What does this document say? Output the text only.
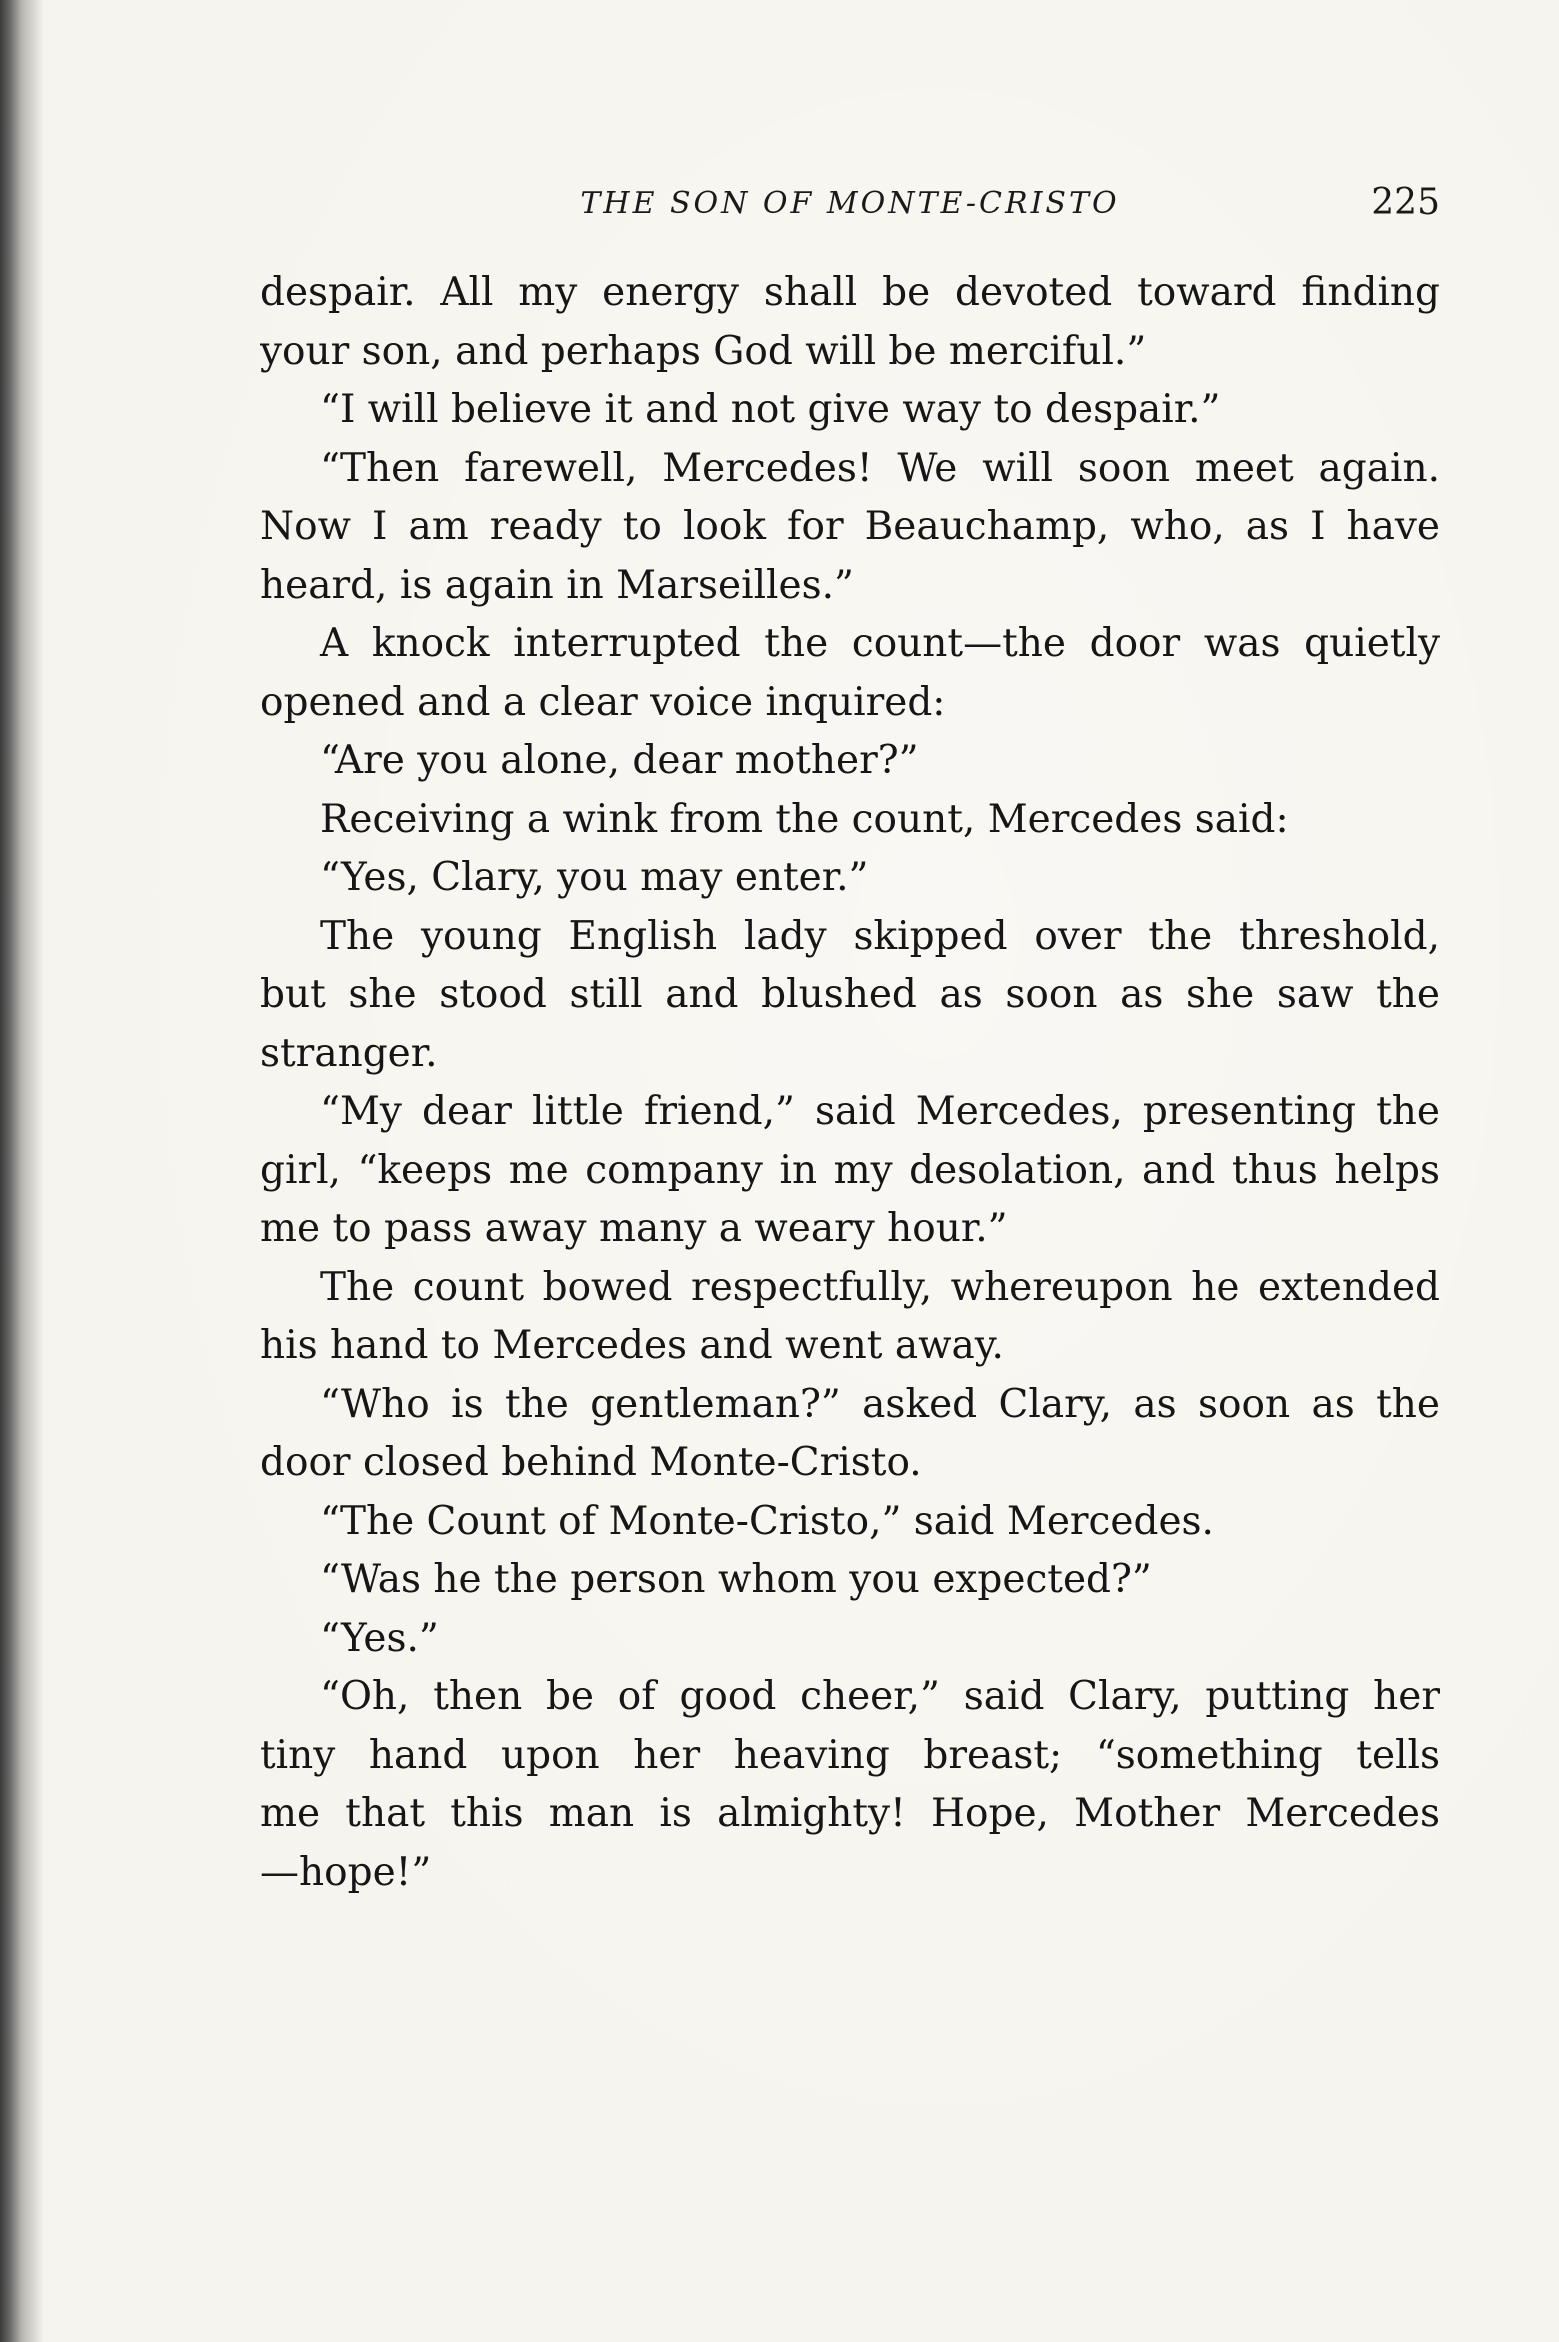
THE SON OF MONTE-CRISTO	225
despair. All my energy shall be devoted toward finding
your son, and perhaps God will be merciful.”
“I will believe it and not give way to despair.”
“Then farewell, Mercedes! We will soon meet again.
Now I am ready to look for Beauchamp, who, as I have
heard, is again in Marseilles.”
A knock interrupted the count—the door was quietly
opened and a clear voice inquired:
“Are you alone, dear mother?”
Receiving a wink from the count, Mercedes said:
“Yes, Clary, you may enter.”
The young English lady skipped over the threshold,
but she stood still and blushed as soon as she saw the
stranger.
“My dear little friend,” said Mercedes, presenting the
girl, “keeps me company in my desolation, and thus helps
me to pass away many a weary hour.”
The count bowed respectfully, whereupon he extended
his hand to Mercedes and went away.
“Who is the gentleman?” asked Clary, as soon as the
door closed behind Monte-Cristo.
“The Count of Monte-Cristo,” said Mercedes.
“Was he the person whom you expected?”
“Yes.”
“Oh, then be of good cheer,” said Clary, putting her
tiny hand upon her heaving breast; “something tells
me that this man is almighty! Hope, Mother Mercedes
—hope!”
